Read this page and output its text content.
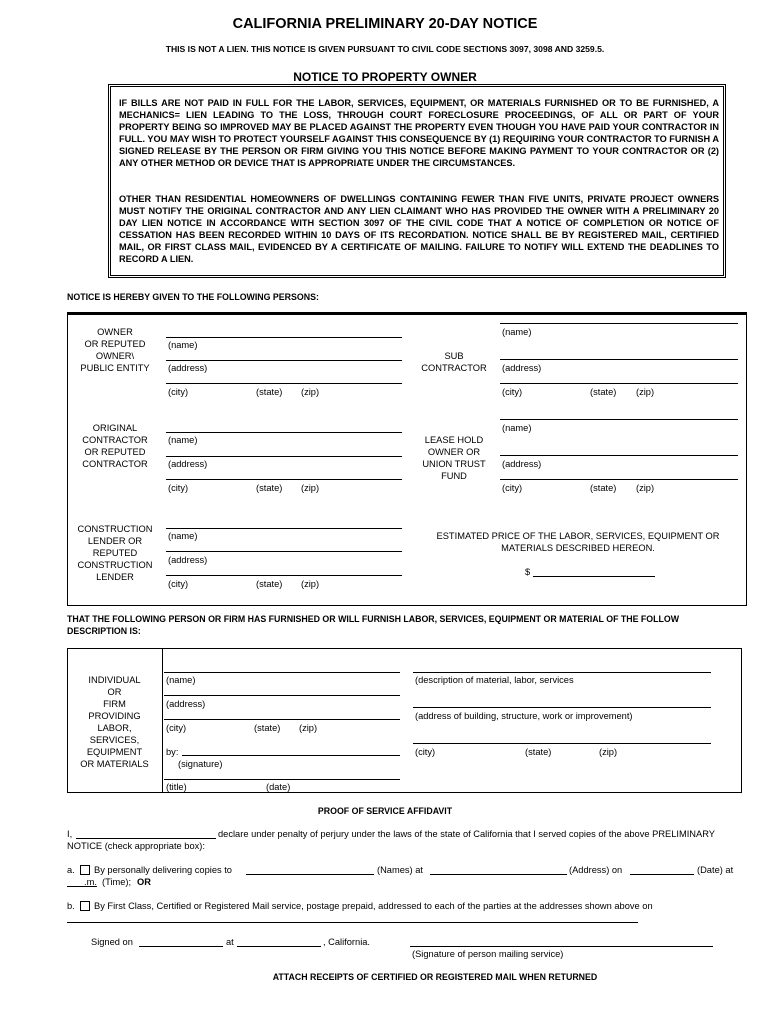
CALIFORNIA PRELIMINARY 20-DAY NOTICE
THIS IS NOT A LIEN. THIS NOTICE IS GIVEN PURSUANT TO CIVIL CODE SECTIONS 3097, 3098 AND 3259.5.
NOTICE TO PROPERTY OWNER
IF BILLS ARE NOT PAID IN FULL FOR THE LABOR, SERVICES, EQUIPMENT, OR MATERIALS FURNISHED OR TO BE FURNISHED, A MECHANICS= LIEN LEADING TO THE LOSS, THROUGH COURT FORECLOSURE PROCEEDINGS, OF ALL OR PART OF YOUR PROPERTY BEING SO IMPROVED MAY BE PLACED AGAINST THE PROPERTY EVEN THOUGH YOU HAVE PAID YOUR CONTRACTOR IN FULL. YOU MAY WISH TO PROTECT YOURSELF AGAINST THIS CONSEQUENCE BY (1) REQUIRING YOUR CONTRACTOR TO FURNISH A SIGNED RELEASE BY THE PERSON OR FIRM GIVING YOU THIS NOTICE BEFORE MAKING PAYMENT TO YOUR CONTRACTOR OR (2) ANY OTHER METHOD OR DEVICE THAT IS APPROPRIATE UNDER THE CIRCUMSTANCES.
OTHER THAN RESIDENTIAL HOMEOWNERS OF DWELLINGS CONTAINING FEWER THAN FIVE UNITS, PRIVATE PROJECT OWNERS MUST NOTIFY THE ORIGINAL CONTRACTOR AND ANY LIEN CLAIMANT WHO HAS PROVIDED THE OWNER WITH A PRELIMINARY 20 DAY LIEN NOTICE IN ACCORDANCE WITH SECTION 3097 OF THE CIVIL CODE THAT A NOTICE OF COMPLETION OR NOTICE OF CESSATION HAS BEEN RECORDED WITHIN 10 DAYS OF ITS RECORDATION. NOTICE SHALL BE BY REGISTERED MAIL, CERTIFIED MAIL, OR FIRST CLASS MAIL, EVIDENCED BY A CERTIFICATE OF MAILING. FAILURE TO NOTIFY WILL EXTEND THE DEADLINES TO RECORD A LIEN.
NOTICE IS HEREBY GIVEN TO THE FOLLOWING PERSONS:
OWNER
OR REPUTED
OWNER\
PUBLIC ENTITY
(name)
(address)
(city)	(state) (zip)
SUB
CONTRACTOR
(name)
(address)
(city)	(state) (zip)
ORIGINAL
CONTRACTOR
OR REPUTED
CONTRACTOR
(name)
(address)
(city)	(state) (zip)
LEASE HOLD
OWNER OR
UNION TRUST
FUND
(name)
(address)
(city)	(state) (zip)
CONSTRUCTION
LENDER OR
REPUTED
CONSTRUCTION
LENDER
(name)
(address)
(city)	(state) (zip)
ESTIMATED PRICE OF THE LABOR, SERVICES, EQUIPMENT OR
MATERIALS DESCRIBED HEREON.
$
THAT THE FOLLOWING PERSON OR FIRM HAS FURNISHED OR WILL FURNISH LABOR, SERVICES, EQUIPMENT OR MATERIAL OF THE FOLLOW
DESCRIPTION IS:
INDIVIDUAL
OR
FIRM
PROVIDING
LABOR,
SERVICES,
EQUIPMENT
OR MATERIALS
(name)
(address)
(city)	(state) (zip)
by:
(signature)
(title)	(date)
(description of material, labor, services
(address of building, structure, work or improvement)
(city)	(state)	(zip)
PROOF OF SERVICE AFFIDAVIT
I,	declare under penalty of perjury under the laws of the state of California that I served copies of the above PRELIMINARY
NOTICE (check appropriate box):
a. By personally delivering copies to	(Names) at	(Address) on	(Date) at
.m. (Time); OR
b. By First Class, Certified or Registered Mail service, postage prepaid, addressed to each of the parties at the addresses shown above on
Signed on	at	, California.
(Signature of person mailing service)
ATTACH RECEIPTS OF CERTIFIED OR REGISTERED MAIL WHEN RETURNED
